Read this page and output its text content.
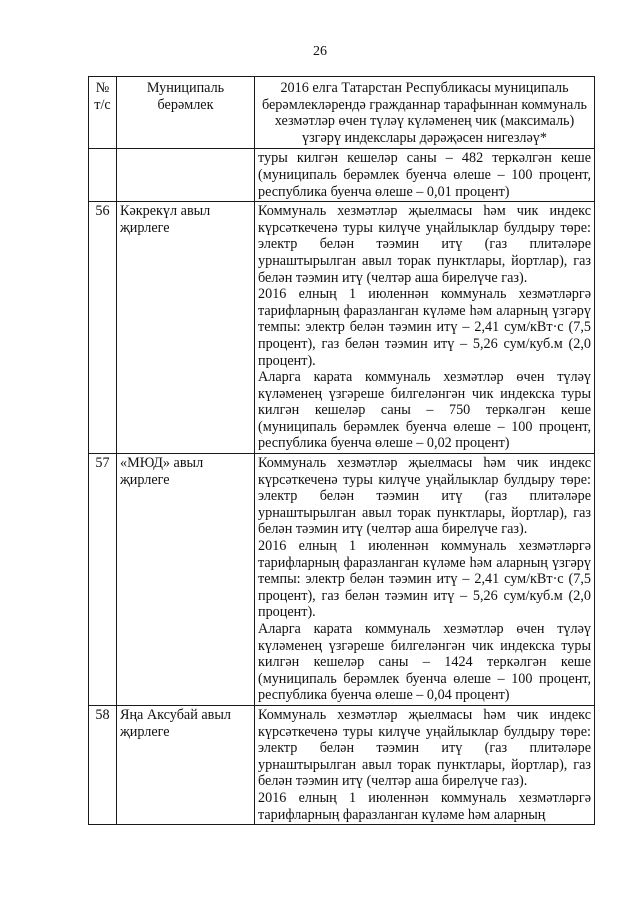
26
№ т/с	Муниципаль берәмлек	2016 елга Татарстан Республикасы муниципаль берәмлекләрендә гражданнар тарафыннан коммуналь хезмәтләр өчен түләү күләменең чик (максималь) үзгәрү индекслары дәрәҗәсен нигезләү*

		туры килгән кешеләр саны – 482 теркәлгән кеше (муниципаль берәмлек буенча өлеше – 100 процент, республика буенча өлеше – 0,01 процент)

56	Кәкрекүл авыл җирлеге	Коммуналь хезмәтләр җыелмасы һәм чик индекс күрсәткеченә туры килүче уңайлыклар булдыру төре: электр белән тәэмин итү (газ плитәләре урнаштырылган авыл торак пунктлары, йортлар), газ белән тәэмин итү (челтәр аша бирелүче газ).

2016 елның 1 июленнән коммуналь хезмәтләргә тарифларның фаразланган күләме һәм аларның үзгәрү темпы: электр белән тәэмин итү – 2,41 сум/кВт·с (7,5 процент), газ белән тәэмин итү – 5,26 сум/куб.м (2,0 процент).

Аларга карата коммуналь хезмәтләр өчен түләү күләменең үзгәреше билгеләнгән чик индекска туры килгән кешеләр саны – 750 теркәлгән кеше (муниципаль берәмлек буенча өлеше – 100 процент, республика буенча өлеше – 0,02 процент)

57	«МЮД» авыл җирлеге	Коммуналь хезмәтләр җыелмасы һәм чик индекс күрсәткеченә туры килүче уңайлыклар булдыру төре: электр белән тәэмин итү (газ плитәләре урнаштырылган авыл торак пунктлары, йортлар), газ белән тәэмин итү (челтәр аша бирелүче газ).

2016 елның 1 июленнән коммуналь хезмәтләргә тарифларның фаразланган күләме һәм аларның үзгәрү темпы: электр белән тәэмин итү – 2,41 сум/кВт·с (7,5 процент), газ белән тәэмин итү – 5,26 сум/куб.м (2,0 процент).

Аларга карата коммуналь хезмәтләр өчен түләү күләменең үзгәреше билгеләнгән чик индекска туры килгән кешеләр саны – 1424 теркәлгән кеше (муниципаль берәмлек буенча өлеше – 100 процент, республика буенча өлеше – 0,04 процент)

58	Яңа Аксубай авыл җирлеге	Коммуналь хезмәтләр җыелмасы һәм чик индекс күрсәткеченә туры килүче уңайлыклар булдыру төре: электр белән тәэмин итү (газ плитәләре урнаштырылган авыл торак пунктлары, йортлар), газ белән тәэмин итү (челтәр аша бирелүче газ).

2016 елның 1 июленнән коммуналь хезмәтләргә тарифларның фаразланган күләме һәм аларның
